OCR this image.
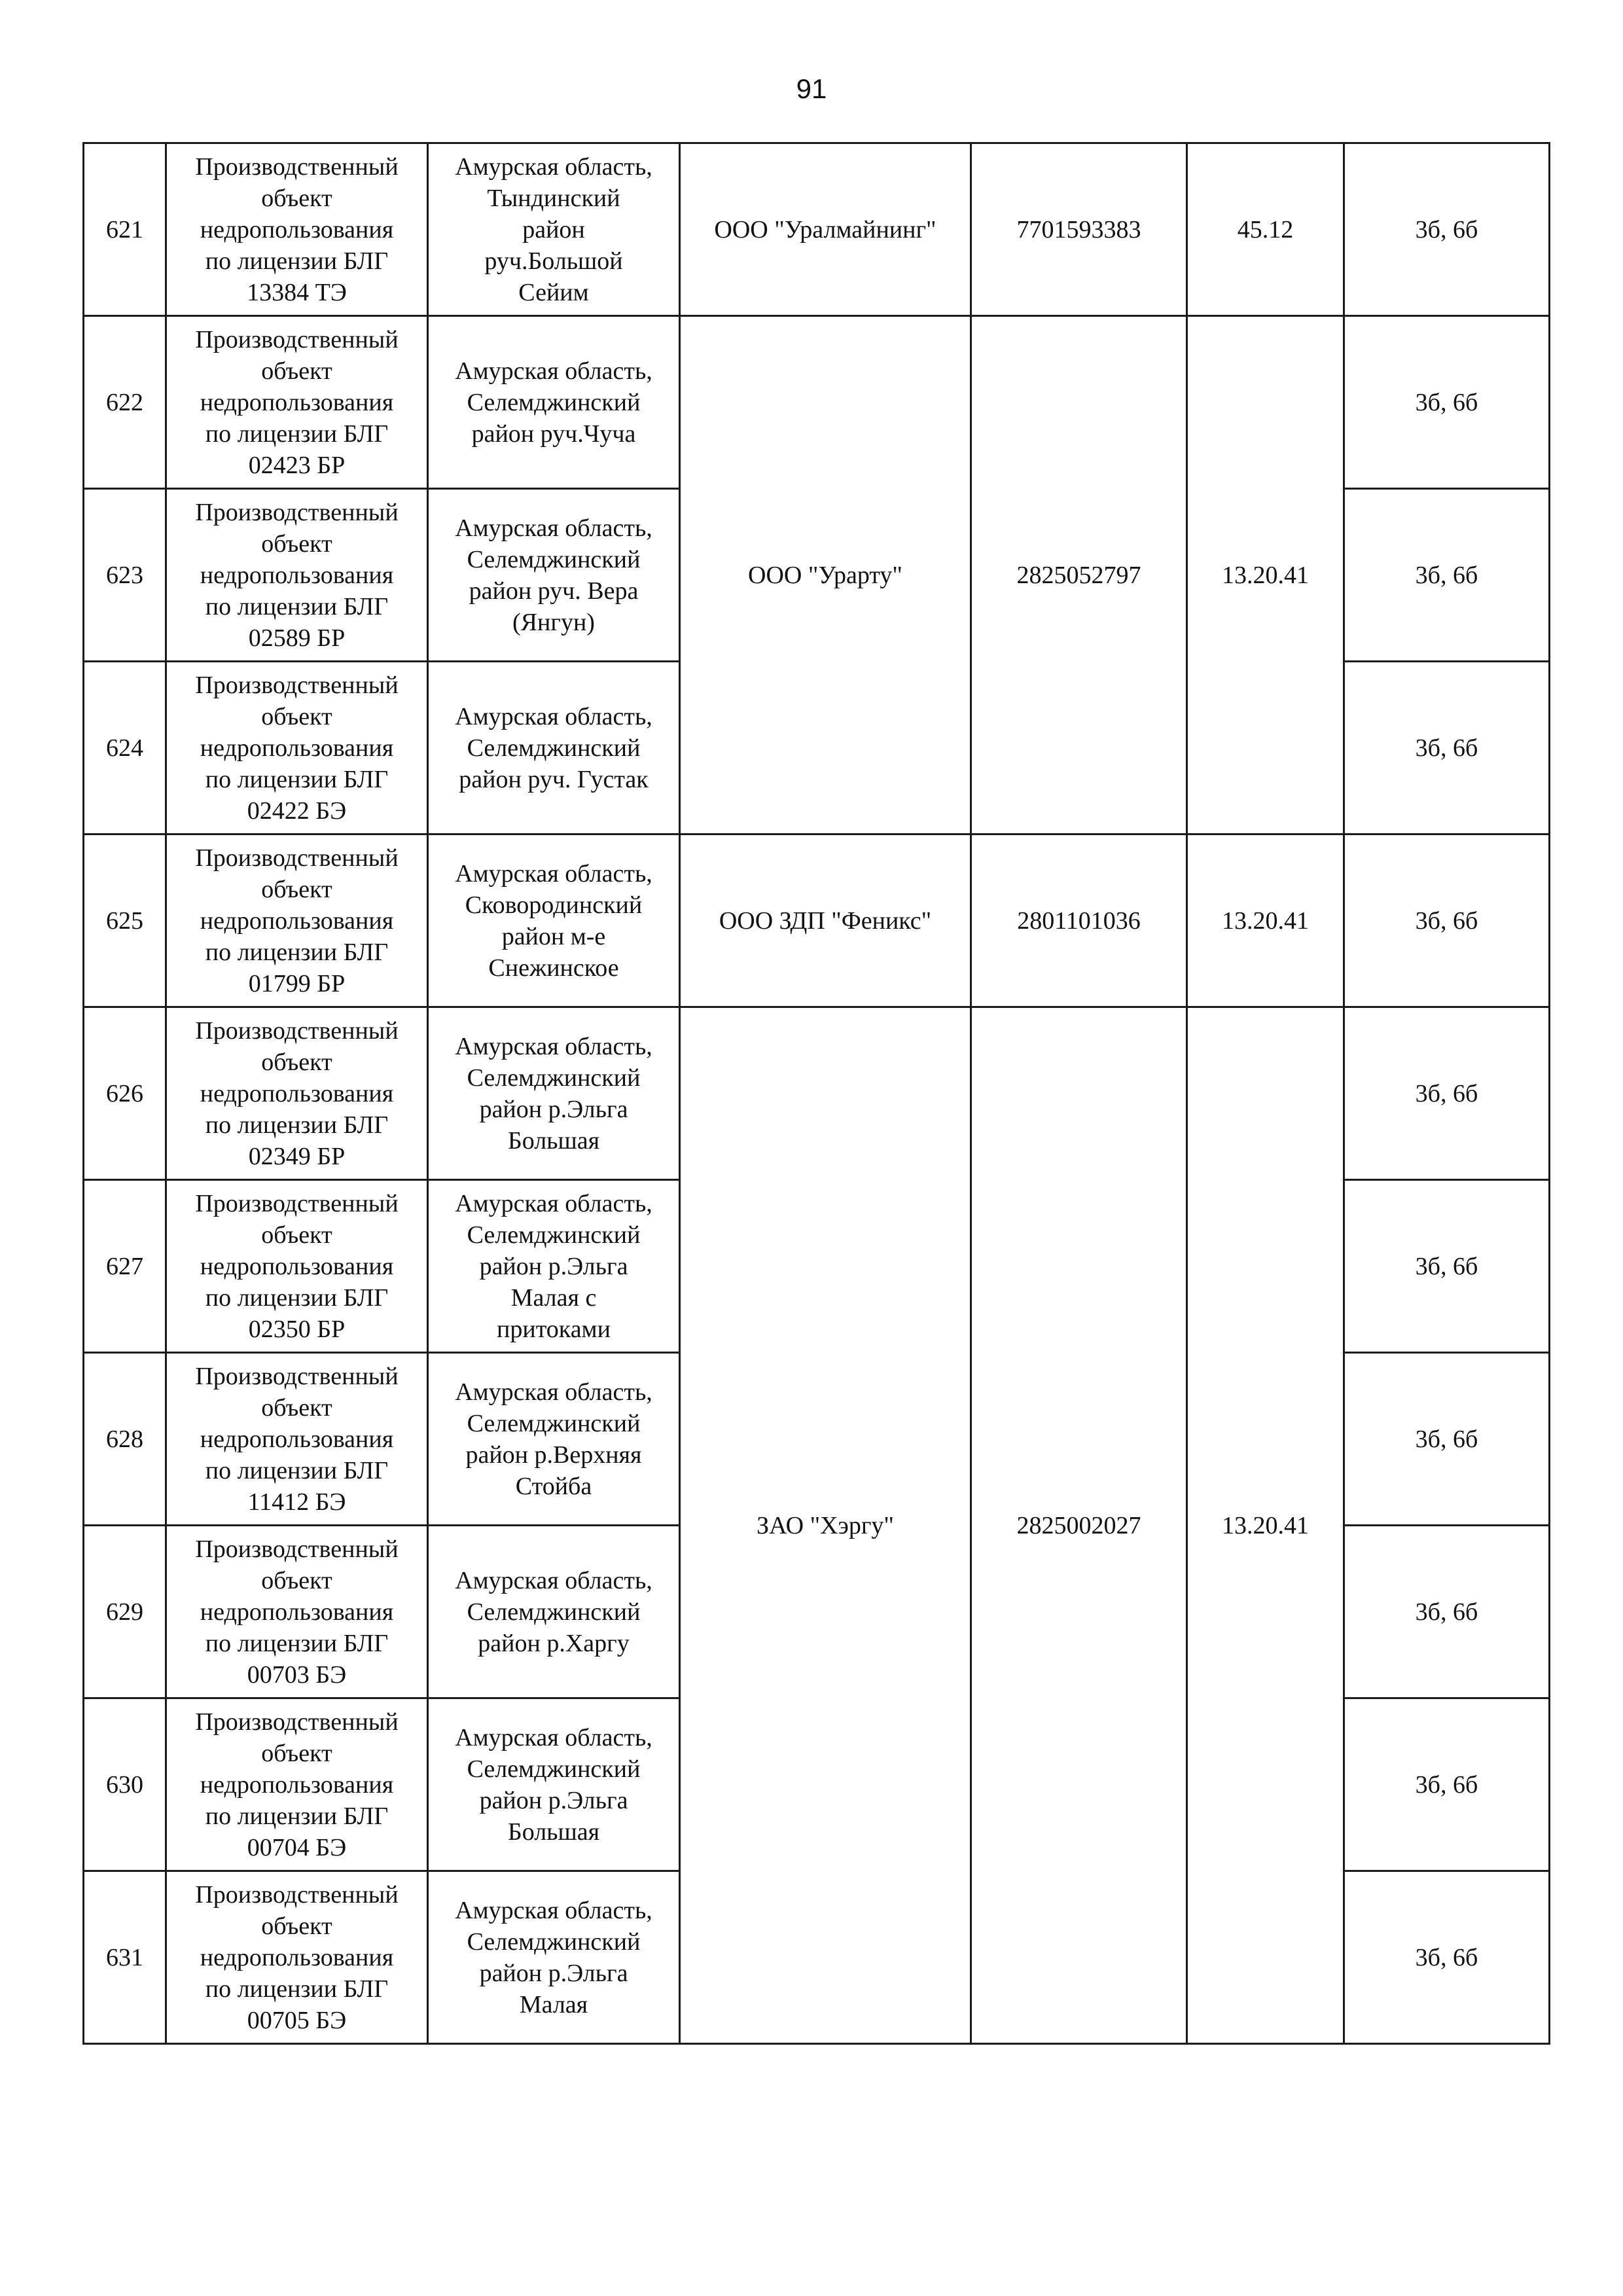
91
621	Производственный
объект
недропользования
по лицензии БЛГ
13384 ТЭ	Амурская область,
Тындинский
район
руч.Большой
Сейим	ООО "Уралмайнинг"	7701593383	45.12	3б, 6б

622	Производственный
объект
недропользования
по лицензии БЛГ
02423 БР	Амурская область,
Селемджинский
район руч.Чуча	ООО "Урарту"	2825052797	13.20.41	3б, 6б

623	Производственный
объект
недропользования
по лицензии БЛГ
02589 БР	Амурская область,
Селемджинский
район руч. Вера
(Янгун)				3б, 6б

624	Производственный
объект
недропользования
по лицензии БЛГ
02422 БЭ	Амурская область,
Селемджинский
район руч. Густак				3б, 6б

625	Производственный
объект
недропользования
по лицензии БЛГ
01799 БР	Амурская область,
Сковородинский
район м-е
Снежинское	ООО ЗДП "Феникс"	2801101036	13.20.41	3б, 6б

626	Производственный
объект
недропользования
по лицензии БЛГ
02349 БР	Амурская область,
Селемджинский
район р.Эльга
Большая	ЗАО "Хэргу"	2825002027	13.20.41	3б, 6б

627	Производственный
объект
недропользования
по лицензии БЛГ
02350 БР	Амурская область,
Селемджинский
район р.Эльга
Малая с
притоками				3б, 6б

628	Производственный
объект
недропользования
по лицензии БЛГ
11412 БЭ	Амурская область,
Селемджинский
район р.Верхняя
Стойба				3б, 6б

629	Производственный
объект
недропользования
по лицензии БЛГ
00703 БЭ	Амурская область,
Селемджинский
район р.Харгу				3б, 6б

630	Производственный
объект
недропользования
по лицензии БЛГ
00704 БЭ	Амурская область,
Селемджинский
район р.Эльга
Большая				3б, 6б

631	Производственный
объект
недропользования
по лицензии БЛГ
00705 БЭ	Амурская область,
Селемджинский
район р.Эльга
Малая				3б, 6б
